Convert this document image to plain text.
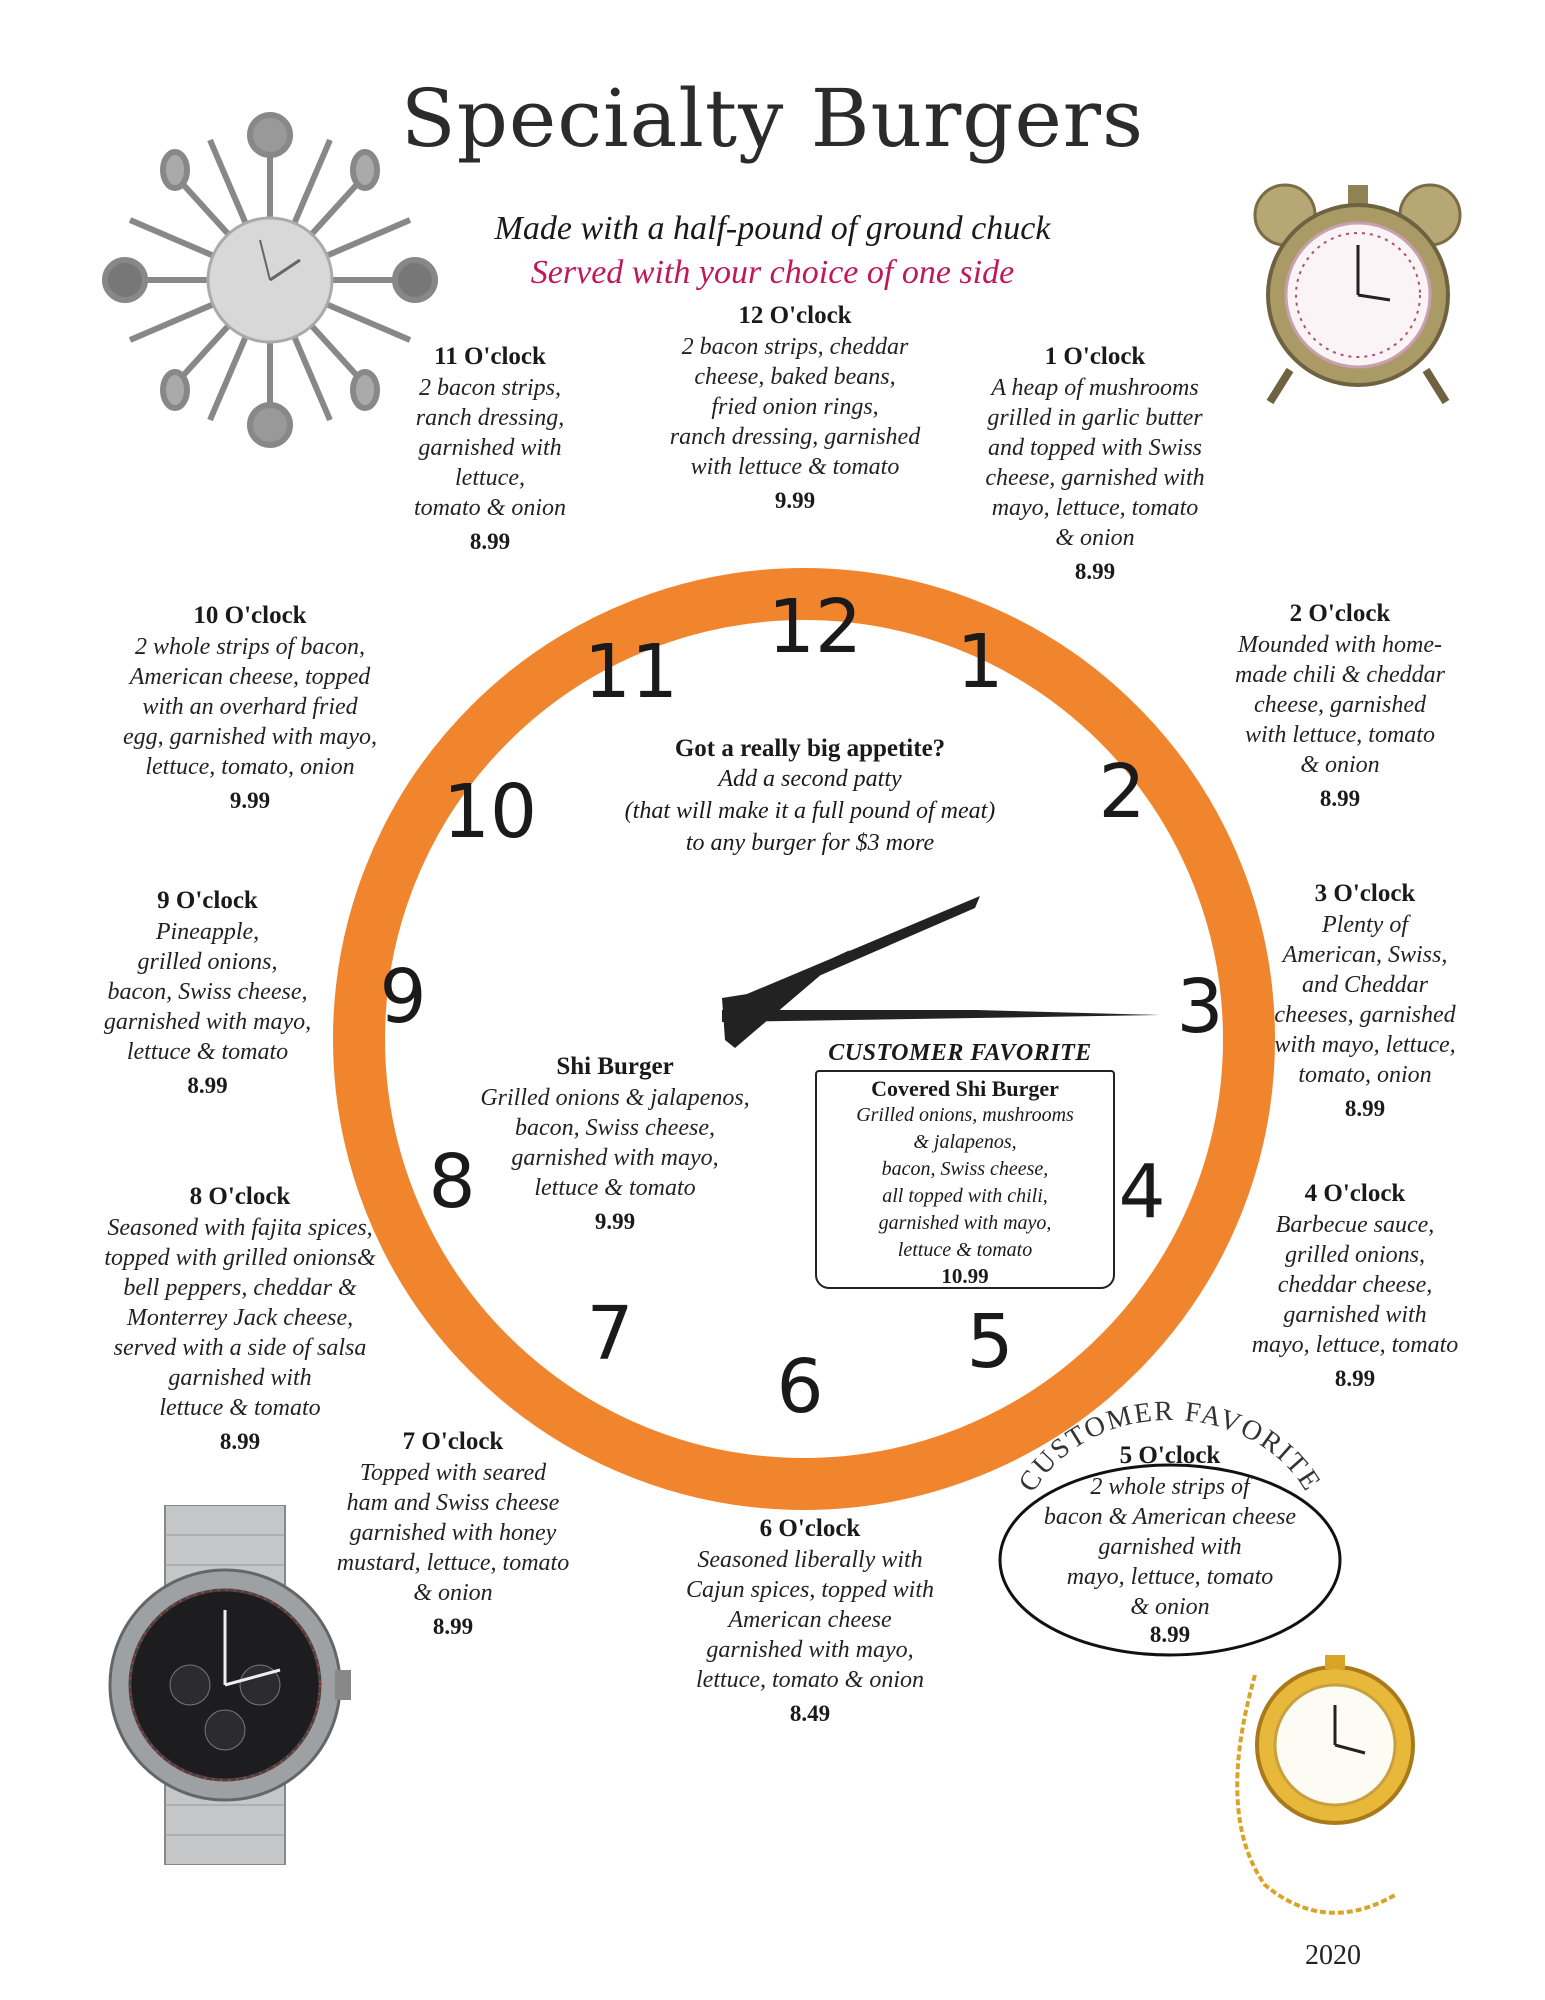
Specialty Burgers
Made with a half-pound of ground chuck
Served with your choice of one side
12	1
2
3
4
5
6
7
8
9
10
11
Got a really big appetite?
Add a second patty
(that will make it a full pound of meat)
to any burger for $3 more
12 O'clock
2 bacon strips, cheddar
cheese, baked beans,
fried onion rings,
ranch dressing, garnished
with lettuce & tomato
9.99
1 O'clock
A heap of mushrooms
grilled in garlic butter
and topped with Swiss
cheese, garnished with
mayo, lettuce, tomato
& onion
8.99
2 O'clock
Mounded with home-
made chili & cheddar
cheese, garnished
with lettuce, tomato
& onion
8.99
3 O'clock
Plenty of
American, Swiss,
and Cheddar
cheeses, garnished
with mayo, lettuce,
tomato, onion
8.99
4 O'clock
Barbecue sauce,
grilled onions,
cheddar cheese,
garnished with
mayo, lettuce, tomato
8.99
CUSTOMER FAVORITE
5 O'clock
2 whole strips of
bacon & American cheese
garnished with
mayo, lettuce, tomato
& onion
8.99
6 O'clock
Seasoned liberally with
Cajun spices, topped with
American cheese
garnished with mayo,
lettuce, tomato & onion
8.49
7 O'clock
Topped with seared
ham and Swiss cheese
garnished with honey
mustard, lettuce, tomato
& onion
8.99
8 O'clock
Seasoned with fajita spices,
topped with grilled onions&
bell peppers, cheddar &
Monterrey Jack cheese,
served with a side of salsa
garnished with
lettuce & tomato
8.99
9 O'clock
Pineapple,
grilled onions,
bacon, Swiss cheese,
garnished with mayo,
lettuce & tomato
8.99
10 O'clock
2 whole strips of bacon,
American cheese, topped
with an overhard fried
egg, garnished with mayo,
lettuce, tomato, onion
9.99
11 O'clock
2 bacon strips,
ranch dressing,
garnished with
lettuce,
tomato & onion
8.99
Shi Burger
Grilled onions & jalapenos,
bacon, Swiss cheese,
garnished with mayo,
lettuce & tomato
9.99
CUSTOMER FAVORITE
Covered Shi Burger
Grilled onions, mushrooms
& jalapenos,
bacon, Swiss cheese,
all topped with chili,
garnished with mayo,
lettuce & tomato
10.99
2020
